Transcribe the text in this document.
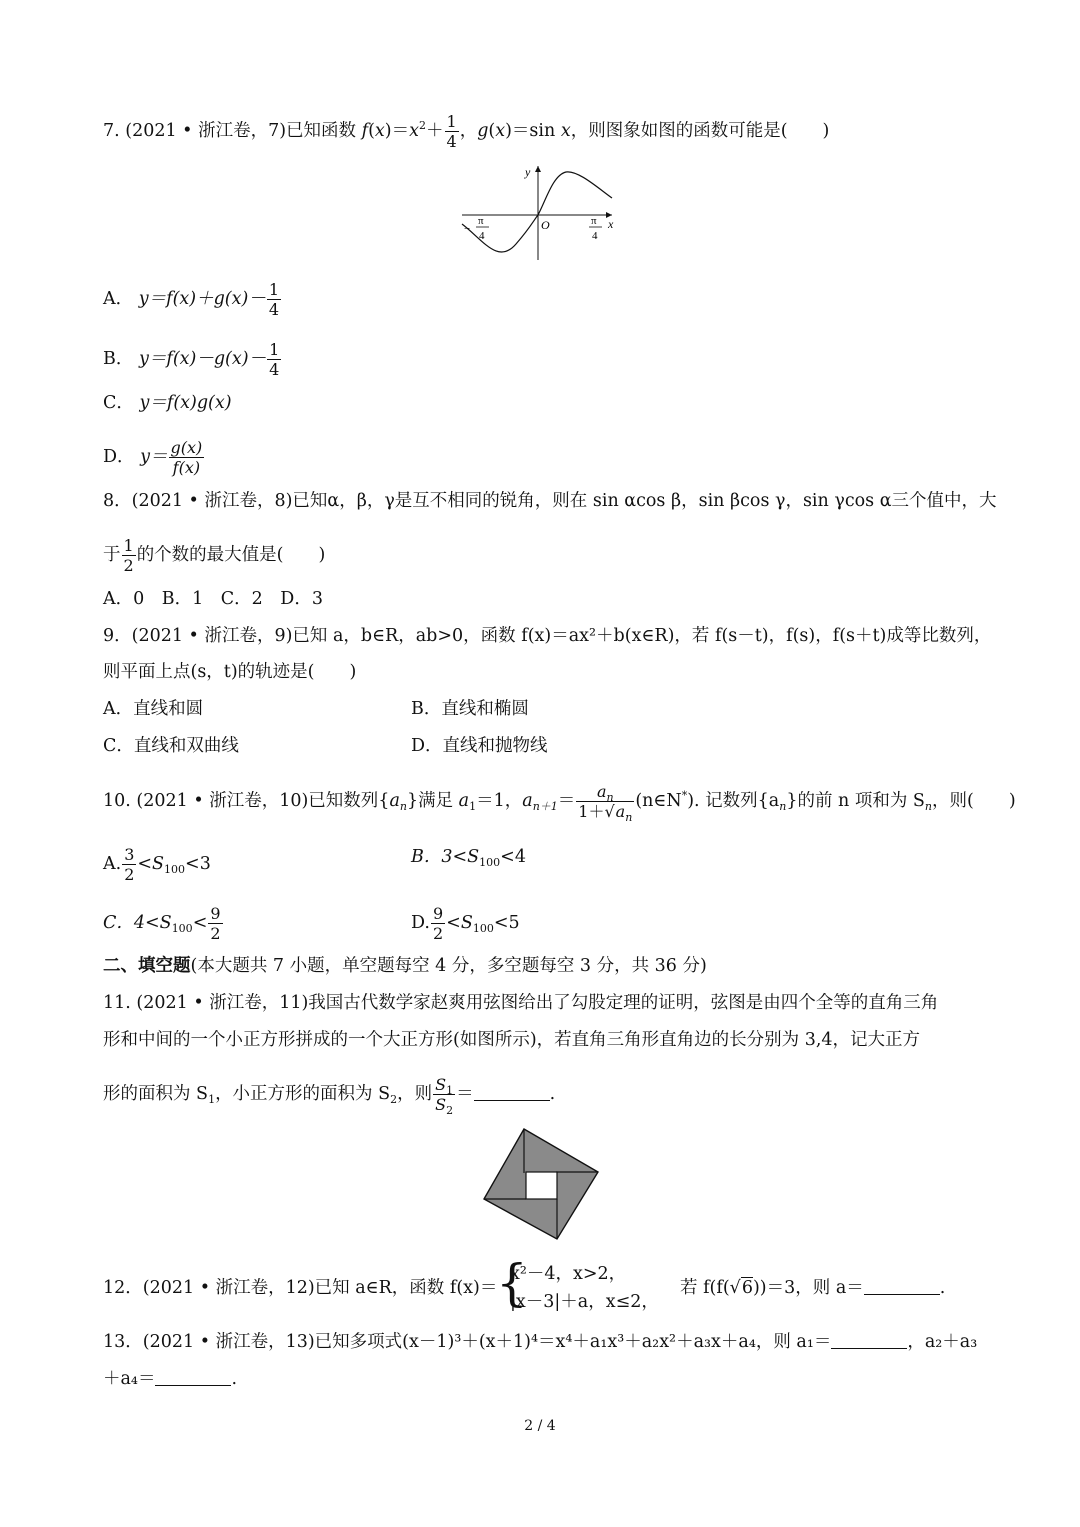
7. (2021 • 浙江卷，7)已知函数 $f(x)=x^2+ \frac{1}{4}$ ，g(x)＝sin x，则图象如图的函数可能是(　　)
y
x
O
π
−
4
π
4
A． $y=f(x)+g(x)- \frac{1}{4}$
B． $y=f(x)-g(x)- \frac{1}{4}$
C． y＝f(x)g(x)
D． $y= \frac{g(x)}{f(x)}$
8．(2021 • 浙江卷，8)已知α，β，γ是互不相同的锐角，则在 sin αcos β，sin βcos γ，sin γcos α三个值中，大
于 $\frac{1}{2}$ 的个数的最大值是(　　)
A．0　B．1　C．2　D．3
9．(2021 • 浙江卷，9)已知 a，b∈R，ab>0，函数 f(x)＝ax²＋b(x∈R)，若 f(s－t)，f(s)，f(s＋t)成等比数列，
则平面上点(s，t)的轨迹是(　　)
A．直线和圆	B．直线和椭圆
C．直线和双曲线	D．直线和抛物线
10. (2021 • 浙江卷，10)已知数列$\{a_n\}$满足 $a_1=1$，$a_{n+1}= \frac{a_n}{1+√a_n}$ (n∈N*). 记数列$\{a_n\}$的前 n 项和为 $S_n$，则(　　)
A. $\frac{3}{2} <S_{100}<3$	B．$3<S_{100}<4$
C．$4<S_{100}< \frac{9}{2}$	D. $\frac{9}{2} <S_{100}<5$
二、填空题(本大题共 7 小题，单空题每空 4 分，多空题每空 3 分，共 36 分)
11. (2021 • 浙江卷，11)我国古代数学家赵爽用弦图给出了勾股定理的证明，弦图是由四个全等的直角三角
形和中间的一个小正方形拼成的一个大正方形(如图所示)，若直角三角形直角边的长分别为 3,4，记大正方
形的面积为 $S_1$，小正方形的面积为 $S_2$，则 $\frac{S_1}{S_2}$ ＝	.
12．(2021 • 浙江卷，12)已知 a∈R，函数 f(x)＝
{
x²－4，x>2，
|x－3|＋a，x≤2，
若 f(f(√6))＝3，则 a＝	.
13．(2021 • 浙江卷，13)已知多项式(x－1)³＋(x＋1)⁴＝x⁴＋a₁x³＋a₂x²＋a₃x＋a₄，则 a₁＝	，a₂＋a₃
＋a₄＝	.
2 / 4
